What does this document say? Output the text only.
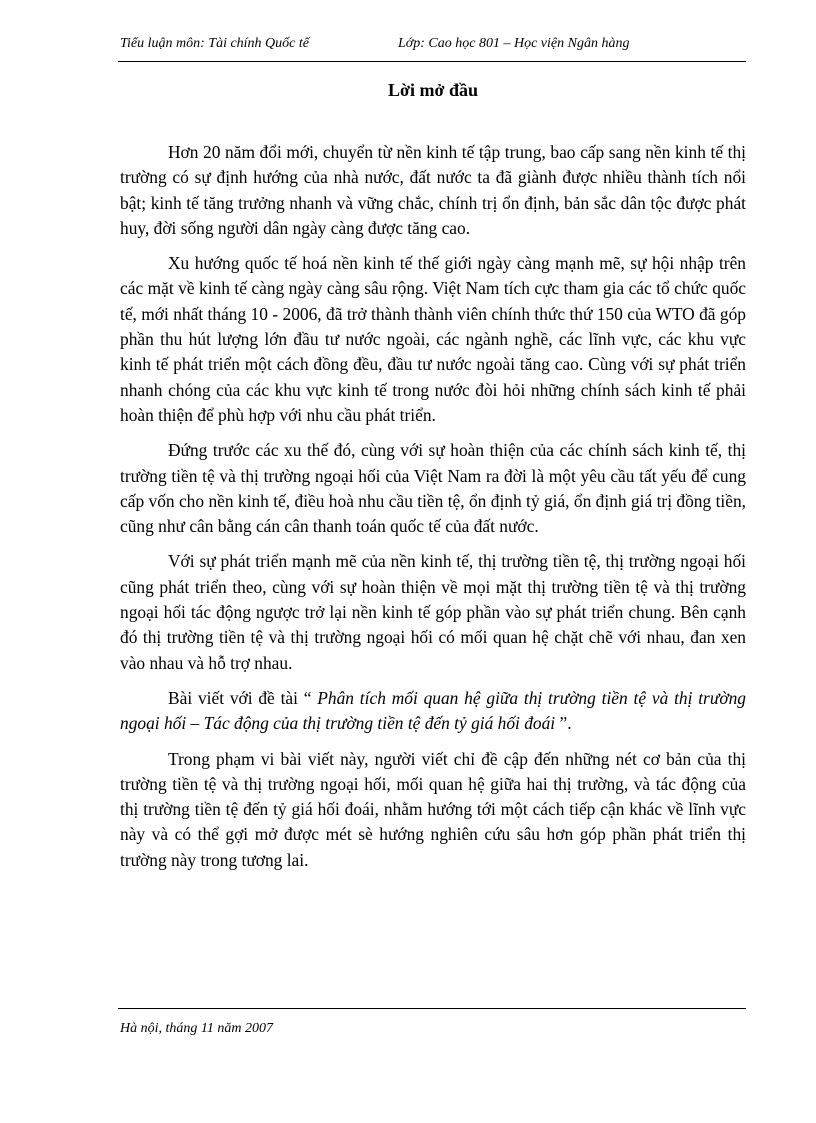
Tiểu luận môn: Tài chính Quốc tế	Lớp: Cao học 801 – Học viện Ngân hàng
Lời mở đầu

Hơn 20 năm đổi mới, chuyển từ nền kinh tế tập trung, bao cấp sang nền kinh tế thị trường có sự định hướng của nhà nước, đất nước ta đã giành được nhiều thành tích nổi bật; kinh tế tăng trưởng nhanh và vững chắc, chính trị ổn định, bản sắc dân tộc được phát huy, đời sống người dân ngày càng được tăng cao.

Xu hướng quốc tế hoá nền kinh tế thế giới ngày càng mạnh mẽ, sự hội nhập trên các mặt về kinh tế càng ngày càng sâu rộng. Việt Nam tích cực tham gia các tổ chức quốc tế, mới nhất tháng 10 - 2006, đã trở thành thành viên chính thức thứ 150 của WTO đã góp phần thu hút lượng lớn đầu tư nước ngoài, các ngành nghề, các lĩnh vực, các khu vực kinh tế phát triển một cách đồng đều, đầu tư nước ngoài tăng cao. Cùng với sự phát triển nhanh chóng của các khu vực kinh tế trong nước đòi hỏi những chính sách kinh tế phải hoàn thiện để phù hợp với nhu cầu phát triển.

Đứng trước các xu thế đó, cùng với sự hoàn thiện của các chính sách kinh tế, thị trường tiền tệ và thị trường ngoại hối của Việt Nam ra đời là một yêu cầu tất yếu để cung cấp vốn cho nền kinh tế, điều hoà nhu cầu tiền tệ, ổn định tỷ giá, ổn định giá trị đồng tiền, cũng như cân bằng cán cân thanh toán quốc tế của đất nước.

Với sự phát triển mạnh mẽ của nền kinh tế, thị trường tiền tệ, thị trường ngoại hối cũng phát triển theo, cùng với sự hoàn thiện về mọi mặt thị trường tiền tệ và thị trường ngoại hối tác động ngược trở lại nền kinh tế góp phần vào sự phát triển chung. Bên cạnh đó thị trường tiền tệ và thị trường ngoại hối có mối quan hệ chặt chẽ với nhau, đan xen vào nhau và hỗ trợ nhau.

Bài viết với đề tài “ Phân tích mối quan hệ giữa thị trường tiền tệ và thị trường ngoại hối – Tác động của thị trường tiền tệ đến tỷ giá hối đoái ”.

Trong phạm vi bài viết này, người viết chỉ đề cập đến những nét cơ bản của thị trường tiền tệ và thị trường ngoại hối, mối quan hệ giữa hai thị trường, và tác động của thị trường tiền tệ đến tỷ giá hối đoái, nhằm hướng tới một cách tiếp cận khác về lĩnh vực này và có thể gợi mở được mét sè hướng nghiên cứu sâu hơn góp phần phát triển thị trường này trong tương lai.

Hà nội, tháng 11 năm 2007
